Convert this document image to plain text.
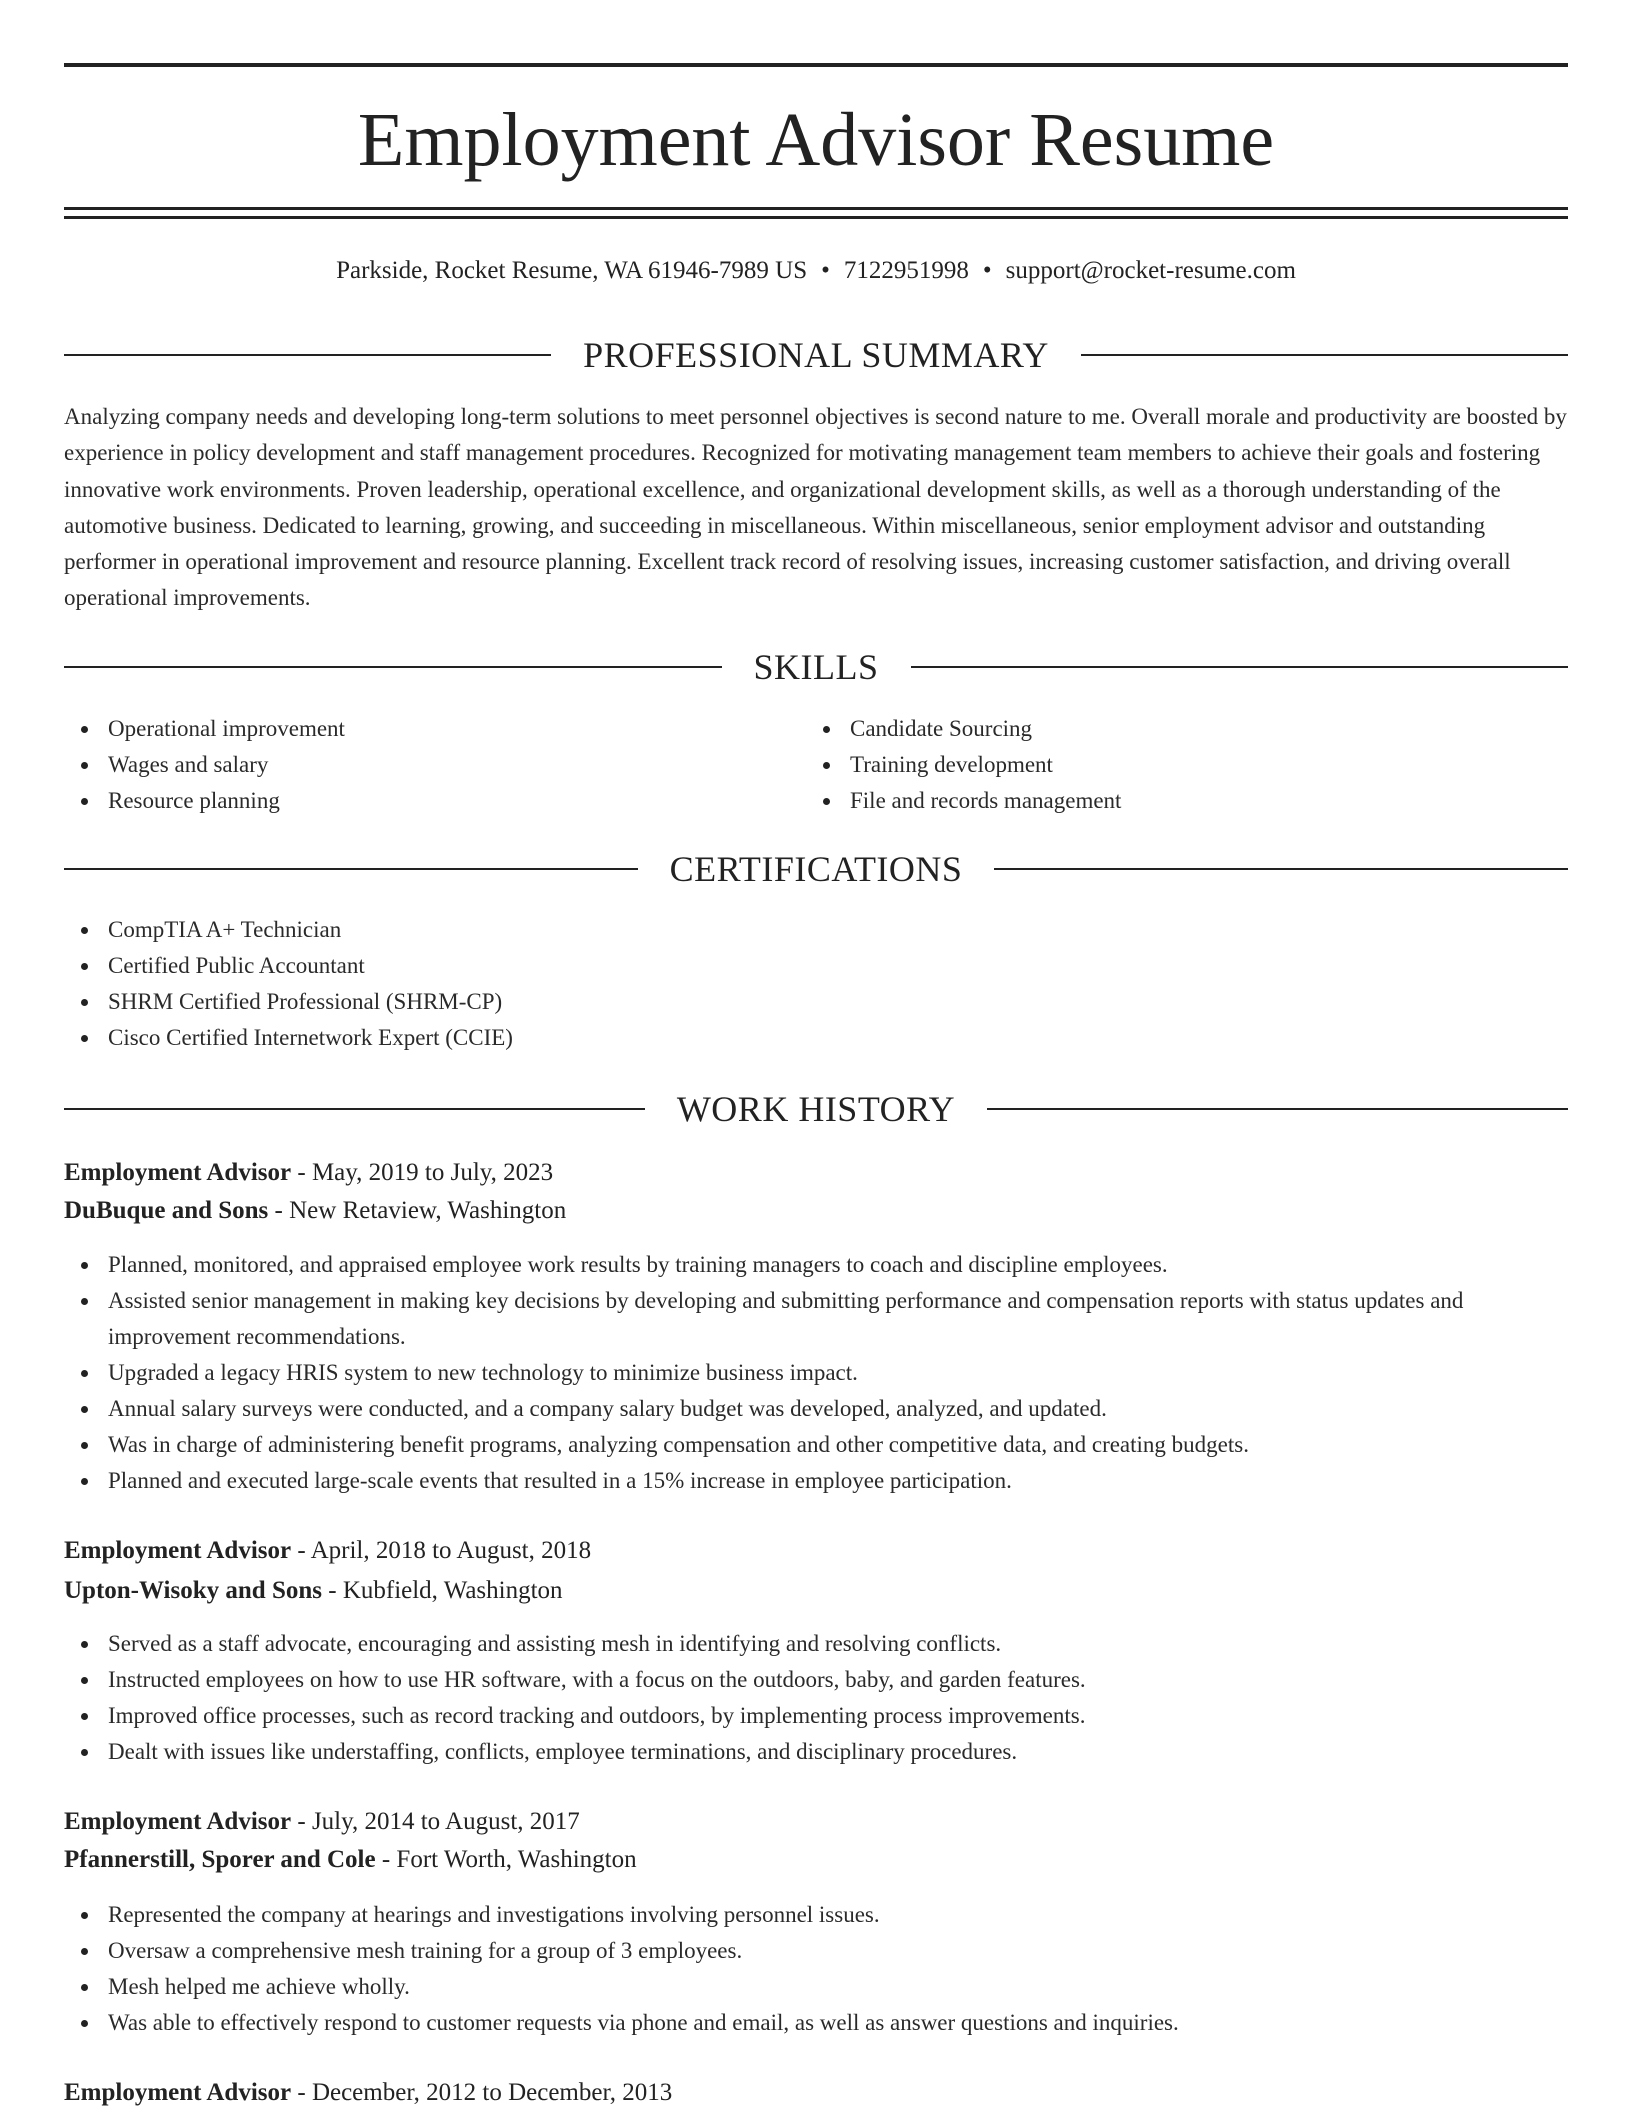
Employment Advisor Resume
Parkside, Rocket Resume, WA 61946-7989 US • 7122951998 • support@rocket-resume.com
PROFESSIONAL SUMMARY

Analyzing company needs and developing long-term solutions to meet personnel objectives is second nature to me. Overall morale and productivity are boosted by experience in policy development and staff management procedures. Recognized for motivating management team members to achieve their goals and fostering innovative work environments. Proven leadership, operational excellence, and organizational development skills, as well as a thorough understanding of the automotive business. Dedicated to learning, growing, and succeeding in miscellaneous. Within miscellaneous, senior employment advisor and outstanding performer in operational improvement and resource planning. Excellent track record of resolving issues, increasing customer satisfaction, and driving overall operational improvements.

SKILLS
Operational improvement
Wages and salary
Resource planning
Candidate Sourcing
Training development
File and records management
CERTIFICATIONS
CompTIA A+ Technician
Certified Public Accountant
SHRM Certified Professional (SHRM-CP)
Cisco Certified Internetwork Expert (CCIE)
WORK HISTORY
Employment Advisor - May, 2019 to July, 2023
DuBuque and Sons - New Retaview, Washington
Planned, monitored, and appraised employee work results by training managers to coach and discipline employees.
Assisted senior management in making key decisions by developing and submitting performance and compensation reports with status updates and improvement recommendations.
Upgraded a legacy HRIS system to new technology to minimize business impact.
Annual salary surveys were conducted, and a company salary budget was developed, analyzed, and updated.
Was in charge of administering benefit programs, analyzing compensation and other competitive data, and creating budgets.
Planned and executed large-scale events that resulted in a 15% increase in employee participation.
Employment Advisor - April, 2018 to August, 2018
Upton-Wisoky and Sons - Kubfield, Washington
Served as a staff advocate, encouraging and assisting mesh in identifying and resolving conflicts.
Instructed employees on how to use HR software, with a focus on the outdoors, baby, and garden features.
Improved office processes, such as record tracking and outdoors, by implementing process improvements.
Dealt with issues like understaffing, conflicts, employee terminations, and disciplinary procedures.
Employment Advisor - July, 2014 to August, 2017
Pfannerstill, Sporer and Cole - Fort Worth, Washington
Represented the company at hearings and investigations involving personnel issues.
Oversaw a comprehensive mesh training for a group of 3 employees.
Mesh helped me achieve wholly.
Was able to effectively respond to customer requests via phone and email, as well as answer questions and inquiries.
Employment Advisor - December, 2012 to December, 2013
